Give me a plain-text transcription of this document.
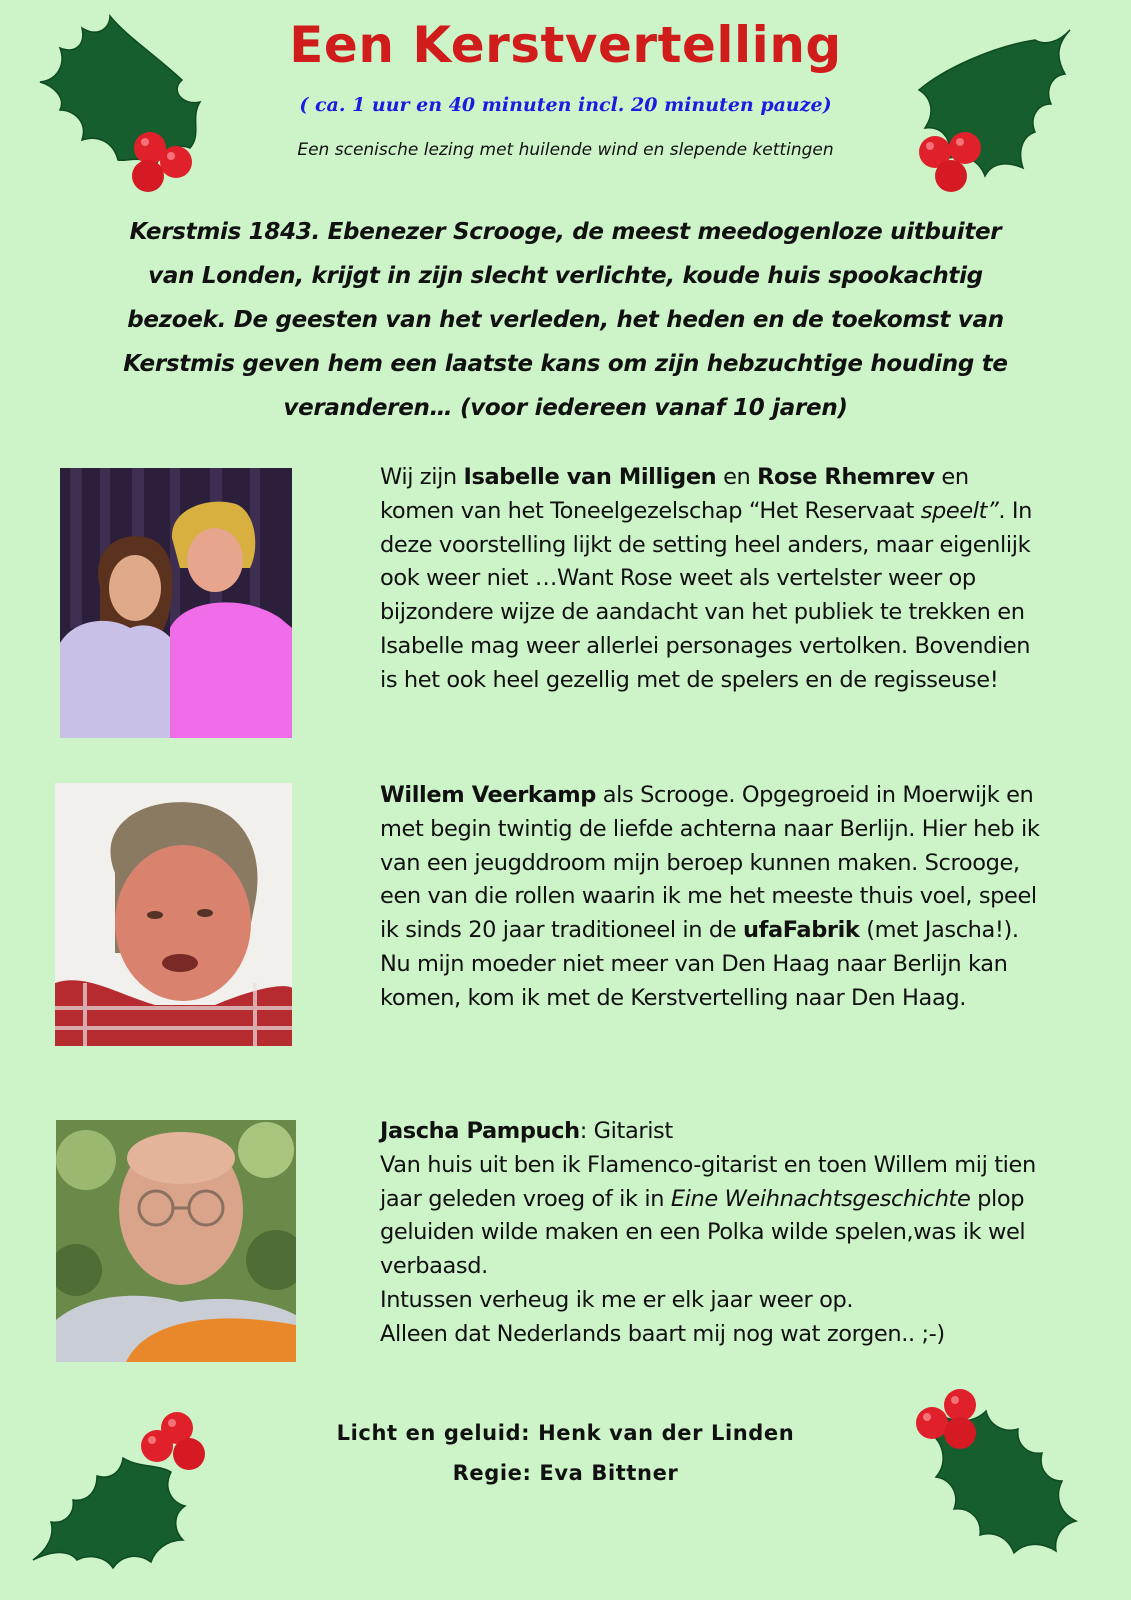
Een Kerstvertelling
( ca. 1 uur en 40 minuten incl. 20 minuten pauze)
Een scenische lezing met huilende wind en slepende kettingen
Kerstmis 1843. Ebenezer Scrooge, de meest meedogenloze uitbuiter van Londen, krijgt in zijn slecht verlichte, koude huis spookachtig bezoek. De geesten van het verleden, het heden en de toekomst van Kerstmis geven hem een laatste kans om zijn hebzuchtige houding te veranderen… (voor iedereen vanaf 10 jaren)
Wij zijn Isabelle van Milligen en Rose Rhemrev en komen van het Toneelgezelschap “Het Reservaat speelt”. In deze voorstelling lijkt de setting heel anders, maar eigenlijk ook weer niet …Want Rose weet als vertelster weer op bijzondere wijze de aandacht van het publiek te trekken en Isabelle mag weer allerlei personages vertolken. Bovendien is het ook heel gezellig met de spelers en de regisseuse!
Willem Veerkamp als Scrooge. Opgegroeid in Moerwijk en met begin twintig de liefde achterna naar Berlijn. Hier heb ik van een jeugddroom mijn beroep kunnen maken. Scrooge, een van die rollen waarin ik me het meeste thuis voel, speel ik sinds 20 jaar traditioneel in de ufaFabrik (met Jascha!). Nu mijn moeder niet meer van Den Haag naar Berlijn kan komen, kom ik met de Kerstvertelling naar Den Haag.
Jascha Pampuch: Gitarist
Van huis uit ben ik Flamenco-gitarist en toen Willem mij tien jaar geleden vroeg of ik in Eine Weihnachtsgeschichte plop geluiden wilde maken en een Polka wilde spelen,was ik wel verbaasd.
Intussen verheug ik me er elk jaar weer op.
Alleen dat Nederlands baart mij nog wat zorgen.. ;-)
Licht en geluid: Henk van der Linden
Regie: Eva Bittner
